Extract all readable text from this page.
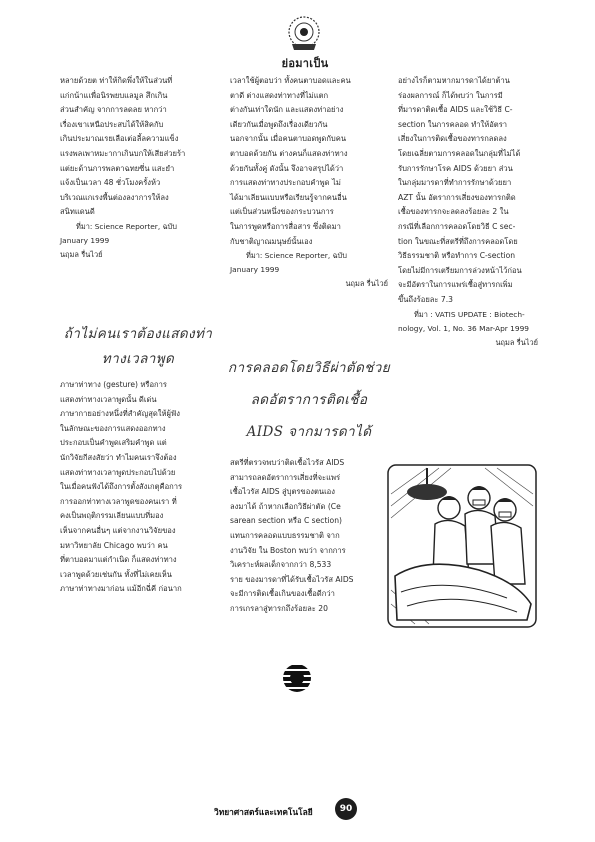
ย่อมาเป็น

หลายด้วยต ท่าให้กิดพึ่งให้ในส่วนที่

แก่กน้าแเพื่อนิรพยบแลมูล สึกเกิน

ส่วนสำคัญ จากการลดลย หากว่า

เรื่องเขาเหนือประสบได้ให้สิคกับ

เกินประมาณเรยเลือเต่อลี้ลความแข็ง

แรงพลเพาหมะากาเกินบกให้เสียส่วยร้า

แต่ยะด้านการพลตาฉทยซี่น แสะยำ

แจ้งเป็นเวลา 48 ชั่วโมงครั้งห้ว

บริเวณแกเรงพื้นต่องลงาการให้ลง

สนิทแดนดี

ที่มา: Science Reporter, ฉบับ
January 1999
นฤมล รื่นไวย์
ถ้าไม่คนเราต้องแสดงท่า
ทางเวลาพูด

ภาษาท่าทาง (gesture) หรือการ

แสดงท่าทางเวลาพูดนั้น ดีเด่น

ภาษากายอย่างหนึ่งที่สำคัญสุดให้ผู้ฟัง

ในลักษณะของการแสดงออกทาง

ประกอบเป็นคำพูดเสริมคำพูด แต่

นักวิจัยกีสงสัยว่า ทำไมคนเราจึงต้อง

แสดงท่าทางเวลาพูดประกอบไปด้วย

ในเมื่อคนฟังได้ถึงการตั้งสังเกตุคือการ

การออกท่าทางเวลาพูดของคนเรา ที่

คงเป็นพฤติกรรมเลียนแบบที่มอง

เห็นจากคนอื่นๆ แต่จากงานวิจัยของ

มหาวิทยาลัย Chicago พบว่า คน

ที่ตาบอดมาแต่กำเนิด ก็แสดงท่าทาง

เวลาพูดด้วยเช่นกัน ทั้งที่ไม่เคยเห็น

ภาษาท่าทางมาก่อน แม้อีกฉี่คี ก่อนาก

เวลาใช้ผู้ตอบว่า ทั้งคนตาบอดและคน

ตาดี ต่างแสดงท่าทางที่ไม่แตก

ต่างกันเท่าใดนัก และแสดงท่าอย่าง

เดียวกันเมื่อพูดถึงเรื่องเดียวกัน

นอกจากนั้น เมื่อคนตาบอดพูดกับคน

ตาบอดด้วยกัน ต่างคนก็แสดงท่าทาง

ด้วยกันทั้งคู่ ดังนั้น จึงอาจสรุปได้ว่า

การแสดงท่าทางประกอบคำพูด ไม่

ได้มาเลียนแบบหรือเรียนรู้จากคนอื่น

แต่เป็นส่วนหนึ่งของกระบวนการ

ในการพูดหรือการสื่อสาร ซึ่งติดมา

กับชาติญาณมนุษย์นั้นเอง

ที่มา: Science Reporter, ฉบับ
January 1999
นฤมล รื่นไวย์
การคลอดโดยวิธีผ่าตัดช่วย
ลดอัตราการติดเชื้อ
AIDS จากมารดาได้

สตรีที่ตรวจพบว่าติดเชื้อไวรัส AIDS

สามารถลดอัตราการเสี่ยงที่จะแพร่

เชื้อไวรัส AIDS สู่บุตรของตนเอง

ลงมาได้ ถ้าหากเลือกวิธีผ่าตัด (Ce

sarean section หรือ C section)

แทนการคลอดแบบธรรมชาติ จาก

งานวิจัย ใน Boston พบว่า จากการ

วิเคราะห์ผลเด็กจากกว่า 8,533

ราย ของมารดาที่ได้รับเชื้อไวรัส AIDS

จะมีการติดเชื้อเกินของเชื้อดีกว่า

การเกรลาสู่ทารกถึงร้อยละ 20

อย่างไรก็ตามหากมารดาได้ยาต้าน

ร่องผลการณ์ ก็ได้พบว่า ในการมี

ที่มารดาติดเชื้อ AIDS และใช้วิธี C-

section ในการคลอด ทำให้อัตรา

เสี่ยงในการติดเชื้อของทารกลดลง

โดยเฉลี่ยตามการคลอดในกลุ่มที่ไม่ได้

รับการรักษาโรค AIDS ด้วยยา ส่วน

ในกลุ่มมารดาที่ทำการรักษาด้วยยา

AZT นั้น อัตราการเสี่ยงของทารกติด

เชื้อของทารกจะลดลงร้อยละ 2 ใน

กรณีที่เลือกการคลอดโดยวิธี C sec-

tion ในขณะที่สตรีที่ถึงการคลอดโดย

วิธีธรรมชาติ หรือทำการ C-section

โดยไม่มีการเตรียมการล่วงหน้าไว้ก่อน

จะมีอัตราในการแพร่เชื้อสู่ทารกเพิ่ม

ขึ้นถึงร้อยละ 7.3

ที่มา : VATIS UPDATE : Biotech-
nology, Vol. 1, No. 36 Mar-Apr 1999
นฤมล รื่นไวย์
วิทยาศาสตร์และเทคโนโลยี	90
